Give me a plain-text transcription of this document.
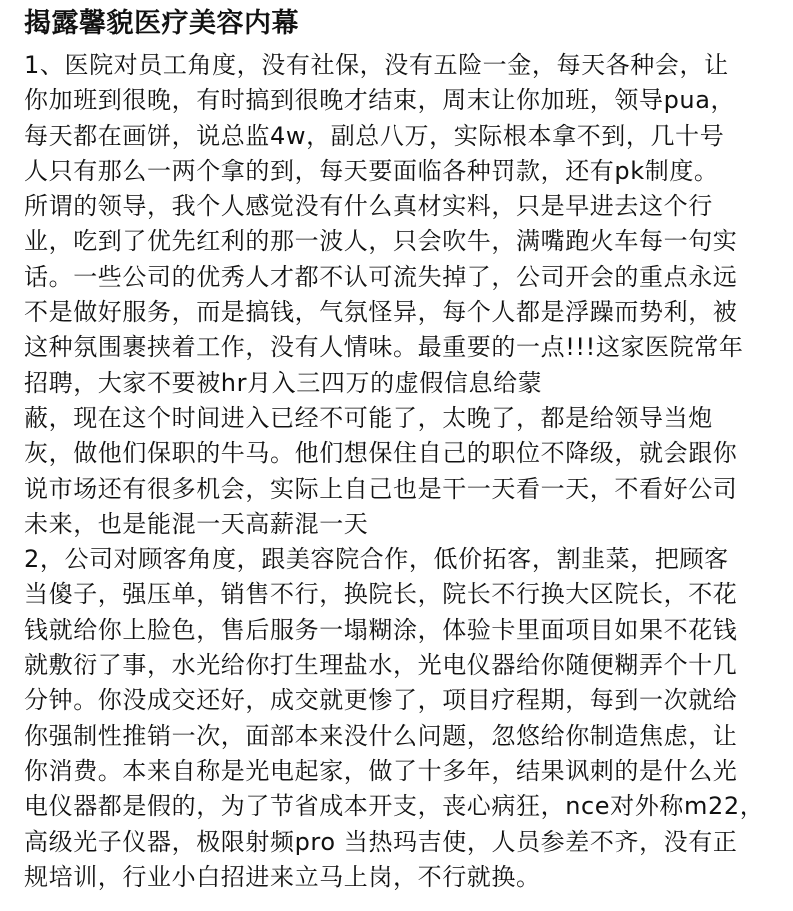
揭露馨貌医疗美容内幕
1、医院对员工角度，没有社保，没有五险一金，每天各种会，让
你加班到很晚，有时搞到很晚才结束，周末让你加班，领导pua，
每天都在画饼，说总监4w，副总八万，实际根本拿不到，几十号
人只有那么一两个拿的到，每天要面临各种罚款，还有pk制度。
所谓的领导，我个人感觉没有什么真材实料，只是早进去这个行
业，吃到了优先红利的那一波人，只会吹牛，满嘴跑火车每一句实
话。一些公司的优秀人才都不认可流失掉了，公司开会的重点永远
不是做好服务，而是搞钱，气氛怪异，每个人都是浮躁而势利，被
这种氛围裹挟着工作，没有人情味。最重要的一点!!!这家医院常年
招聘，大家不要被hr月入三四万的虚假信息给蒙
蔽，现在这个时间进入已经不可能了，太晚了，都是给领导当炮
灰，做他们保职的牛马。他们想保住自己的职位不降级，就会跟你
说市场还有很多机会，实际上自己也是干一天看一天，不看好公司
未来，也是能混一天高薪混一天
2，公司对顾客角度，跟美容院合作，低价拓客，割韭菜，把顾客
当傻子，强压单，销售不行，换院长，院长不行换大区院长，不花
钱就给你上脸色，售后服务一塌糊涂，体验卡里面项目如果不花钱
就敷衍了事，水光给你打生理盐水，光电仪器给你随便糊弄个十几
分钟。你没成交还好，成交就更惨了，项目疗程期，每到一次就给
你强制性推销一次，面部本来没什么问题，忽悠给你制造焦虑，让
你消费。本来自称是光电起家，做了十多年，结果讽刺的是什么光
电仪器都是假的，为了节省成本开支，丧心病狂，nce对外称m22，
高级光子仪器，极限射频pro 当热玛吉使，人员参差不齐，没有正
规培训，行业小白招进来立马上岗，不行就换。
